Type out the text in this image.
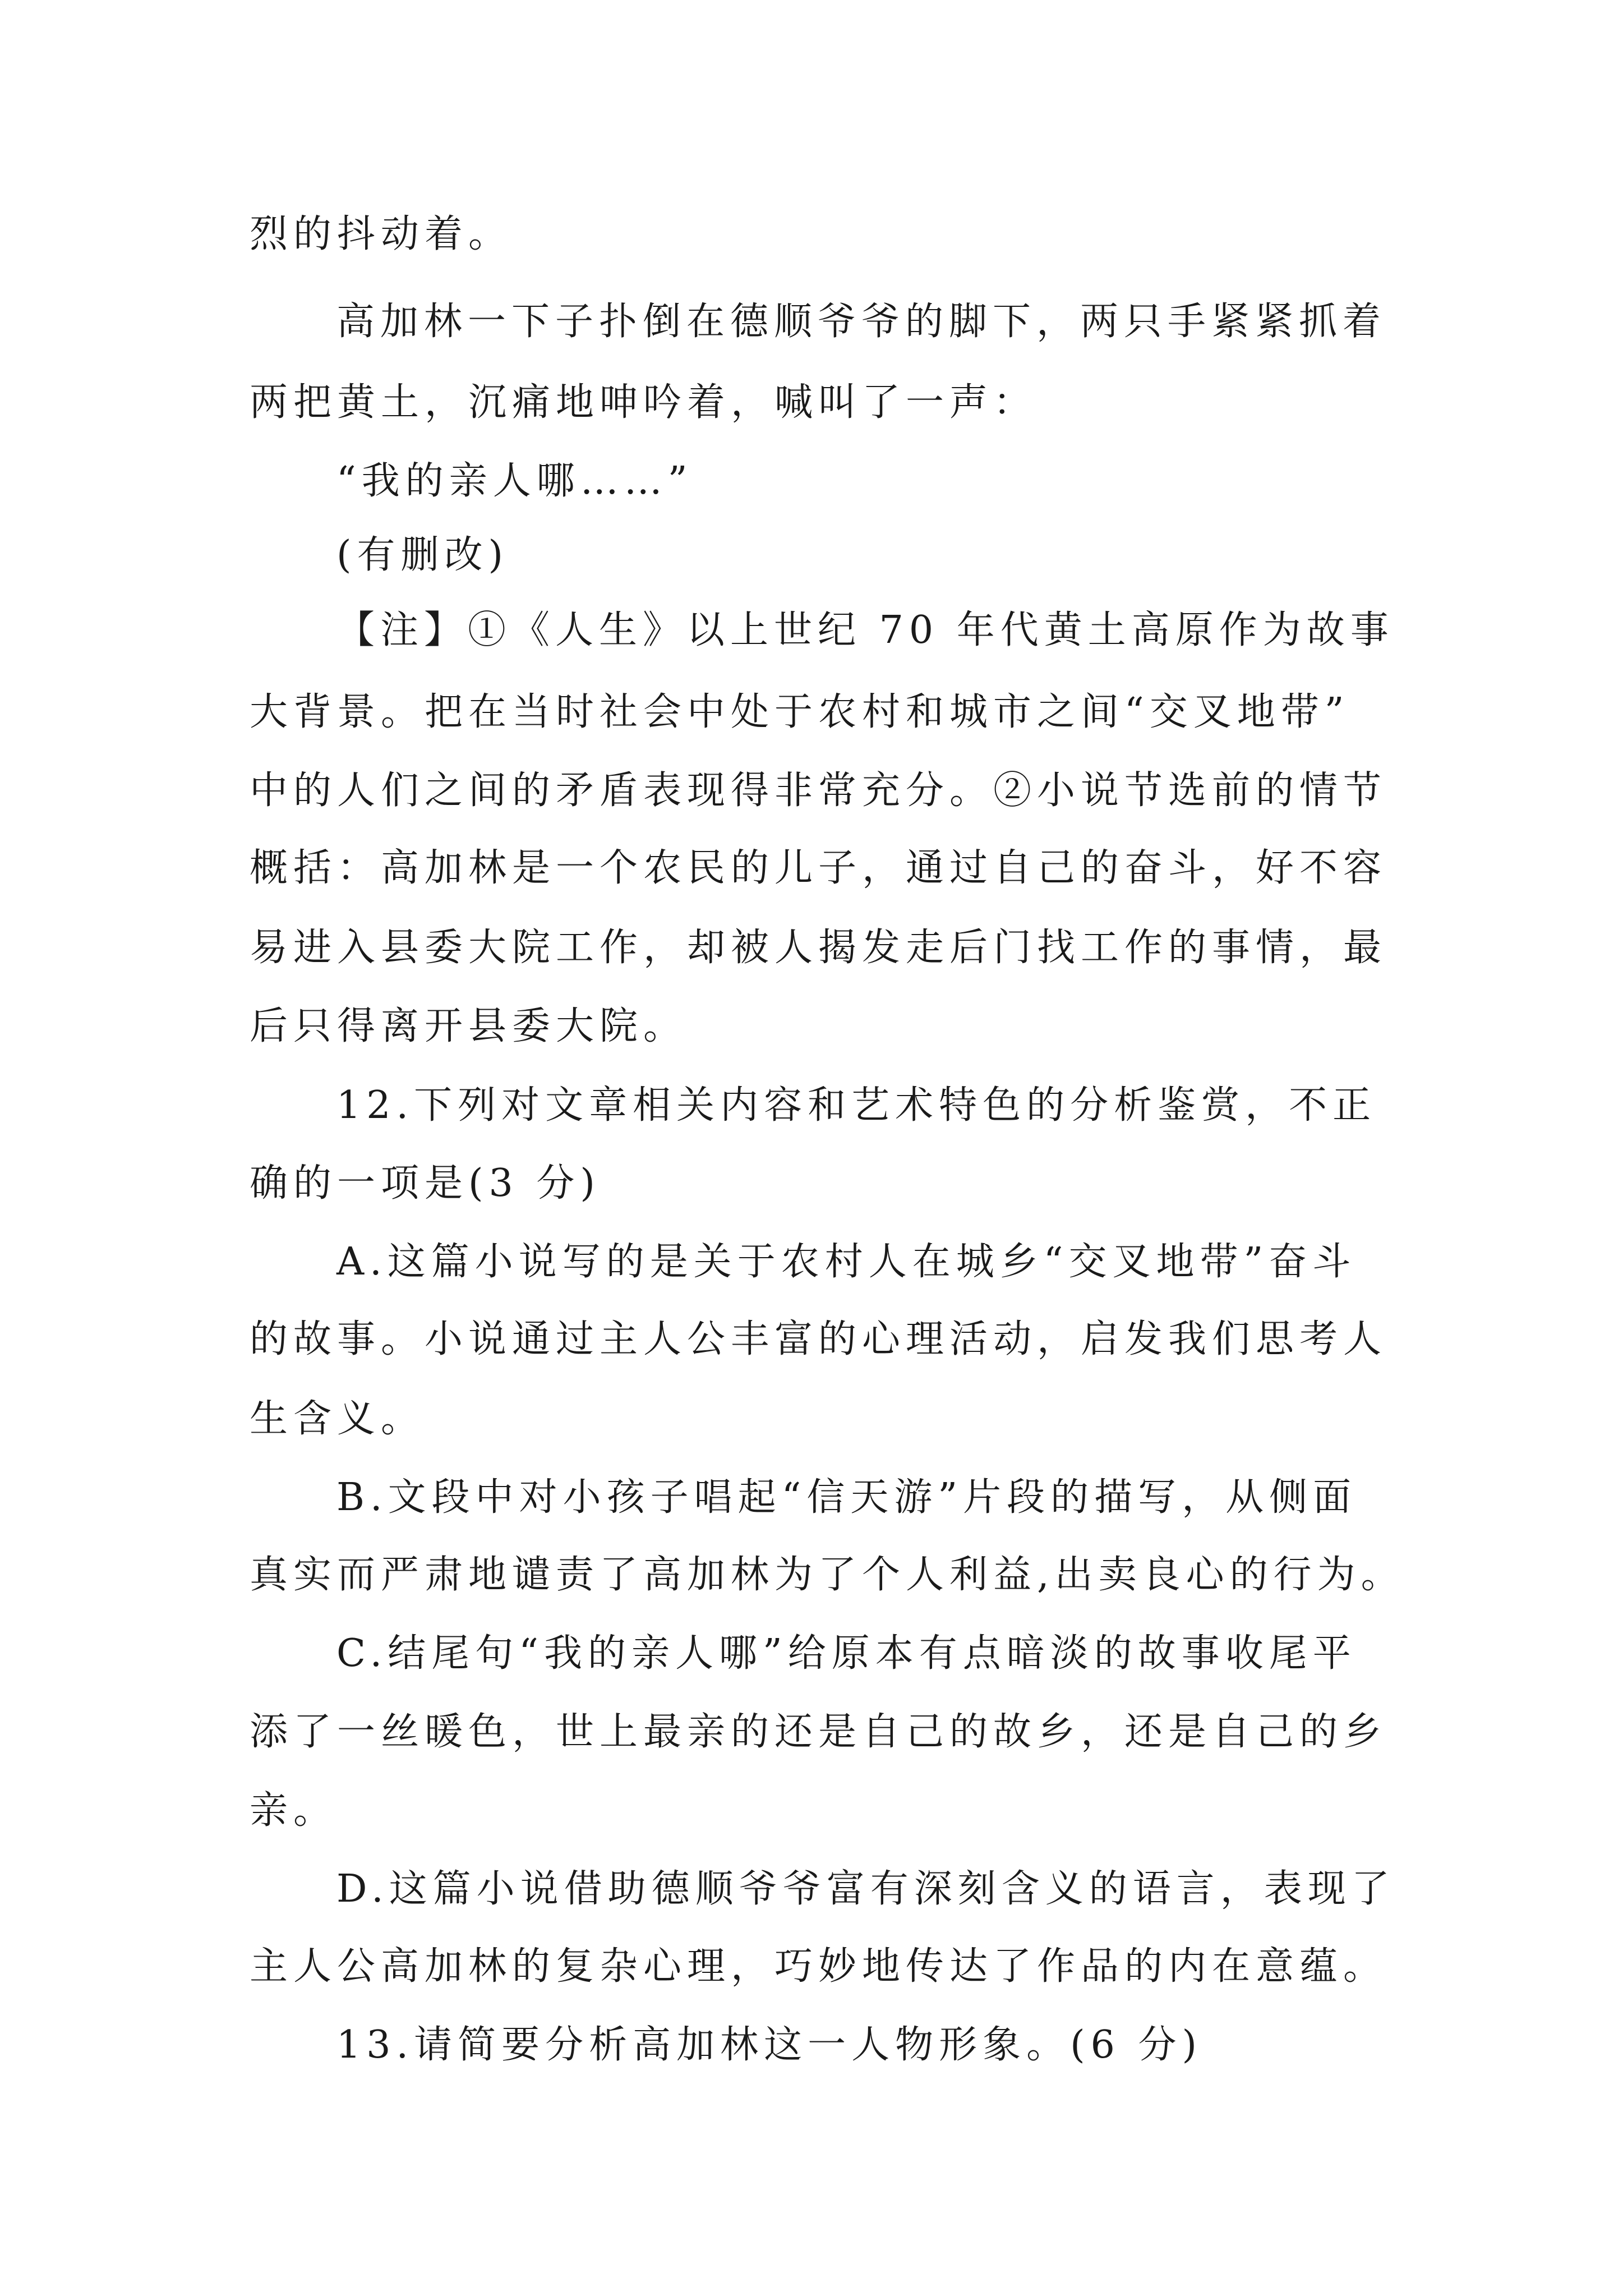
烈的抖动着。
高加林一下子扑倒在德顺爷爷的脚下，两只手紧紧抓着
两把黄土，沉痛地呻吟着，喊叫了一声：
“我的亲人哪……”
(有删改)
【注】①《人生》以上世纪 70 年代黄土高原作为故事
大背景。把在当时社会中处于农村和城市之间“交叉地带”
中的人们之间的矛盾表现得非常充分。②小说节选前的情节
概括：高加林是一个农民的儿子，通过自己的奋斗，好不容
易进入县委大院工作，却被人揭发走后门找工作的事情，最
后只得离开县委大院。
12.下列对文章相关内容和艺术特色的分析鉴赏，不正
确的一项是(3 分)
A.这篇小说写的是关于农村人在城乡“交叉地带”奋斗
的故事。小说通过主人公丰富的心理活动，启发我们思考人
生含义。
B.文段中对小孩子唱起“信天游”片段的描写，从侧面
真实而严肃地谴责了高加林为了个人利益,出卖良心的行为。
C.结尾句“我的亲人哪”给原本有点暗淡的故事收尾平
添了一丝暖色，世上最亲的还是自己的故乡，还是自己的乡
亲。
D.这篇小说借助德顺爷爷富有深刻含义的语言，表现了
主人公高加林的复杂心理，巧妙地传达了作品的内在意蕴。
13.请简要分析高加林这一人物形象。(6 分)
